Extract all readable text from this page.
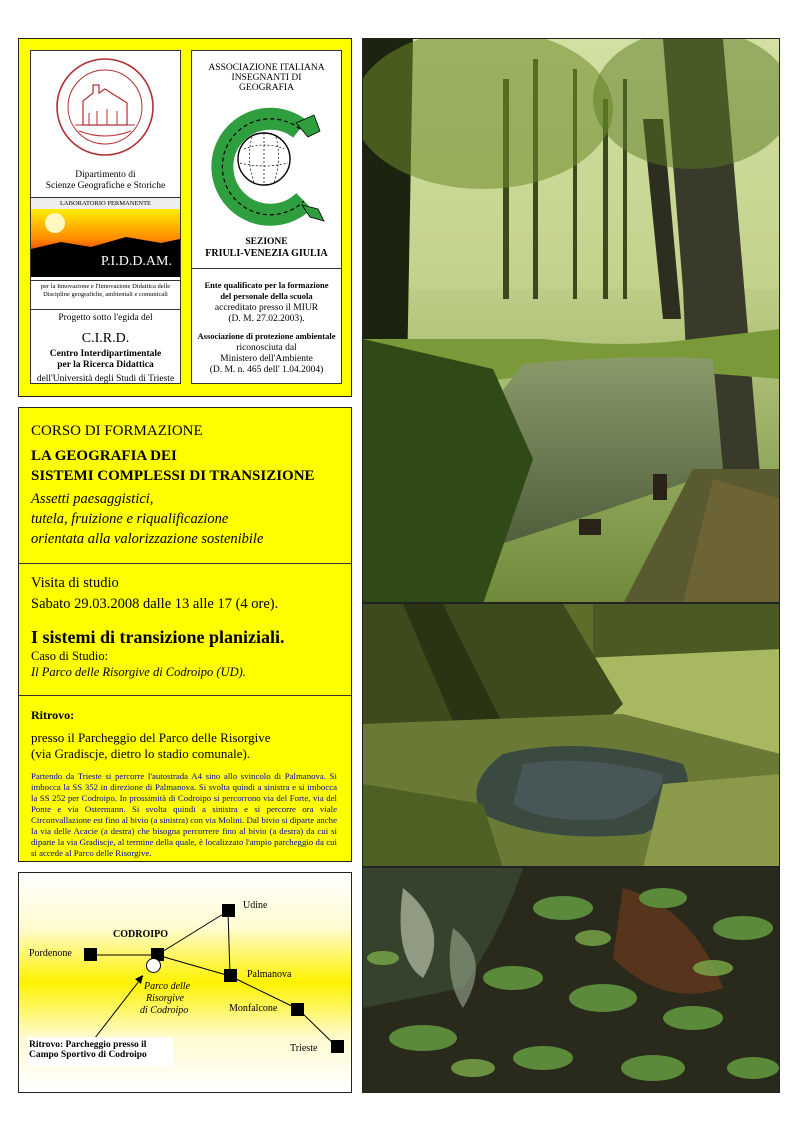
Dipartimento di
Scienze Geografiche e Storiche
LABORATORIO PERMANENTE
P.I.D.D.AM.
per la Innovazione e l'Innovazione Didattica delle
Discipline geografiche, ambientali e comunicali
Progetto sotto l'egida del
C.I.R.D.
Centro Interdipartimentale
per la Ricerca Didattica
dell'Università degli Studi di Trieste
ASSOCIAZIONE ITALIANA
INSEGNANTI DI
GEOGRAFIA
SEZIONE
FRIULI-VENEZIA GIULIA
Ente qualificato per la formazione
del personale della scuola
accreditato presso il MIUR
(D. M. 27.02.2003).
Associazione di protezione ambientale
riconosciuta dal
Ministero dell'Ambiente
(D. M. n. 465 dell' 1.04.2004)
CORSO DI FORMAZIONE
LA GEOGRAFIA DEI
SISTEMI COMPLESSI DI TRANSIZIONE
Assetti paesaggistici,
tutela, fruizione e riqualificazione
orientata alla valorizzazione sostenibile
Visita di studio
Sabato 29.03.2008 dalle 13 alle 17 (4 ore).
I sistemi di transizione planiziali.
Caso di Studio:
Il Parco delle Risorgive di Codroipo (UD).
Ritrovo:
presso il Parcheggio del Parco delle Risorgive
(via Gradiscje, dietro lo stadio comunale).
Partendo da Trieste si percorre l'autostrada A4 sino allo svincolo di Palmanova. Si imbocca la SS 352 in direzione di Palmanova. Si svolta quindi a sinistra e si imbocca la SS 252 per Codroipo. In prossimità di Codroipo si percorrono via del Forte, via del Ponte e via Ostermann. Si svolta quindi a sinistra e si percorre ora viale Circonvallazione est fino al bivio (a sinistra) con via Molini. Dal bivio si diparte anche la via delle Acacie (a destra) che bisogna percorrere fino al bivio (a destra) da cui si diparte la via Gradiscje, al termine della quale, è localizzato l'ampio parcheggio da cui si accede al Parco delle Risorgive.
Udine
CODROIPO
Pordenone
Palmanova
Monfalcone
Trieste
Parco delle
Risorgive
di Codroipo
Ritrovo: Parcheggio presso il
Campo Sportivo di Codroipo
